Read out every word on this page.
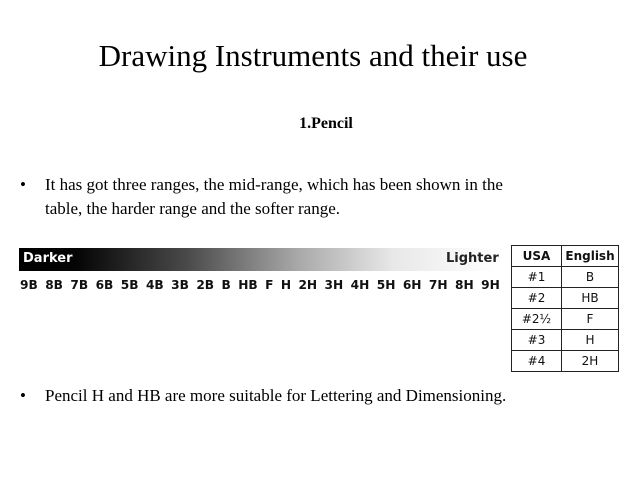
Drawing Instruments and their use
1.Pencil
• It has got three ranges, the mid-range, which has been shown in the
table, the harder range and the softer range.
Darker	Lighter
9B 8B 7B 6B 5B 4B 3B 2B B HB F H 2H 3H 4H 5H 6H 7H 8H 9H
USA	English
#1	B
#2	HB
#2½	F
#3	H
#4	2H
• Pencil H and HB are more suitable for Lettering and Dimensioning.
